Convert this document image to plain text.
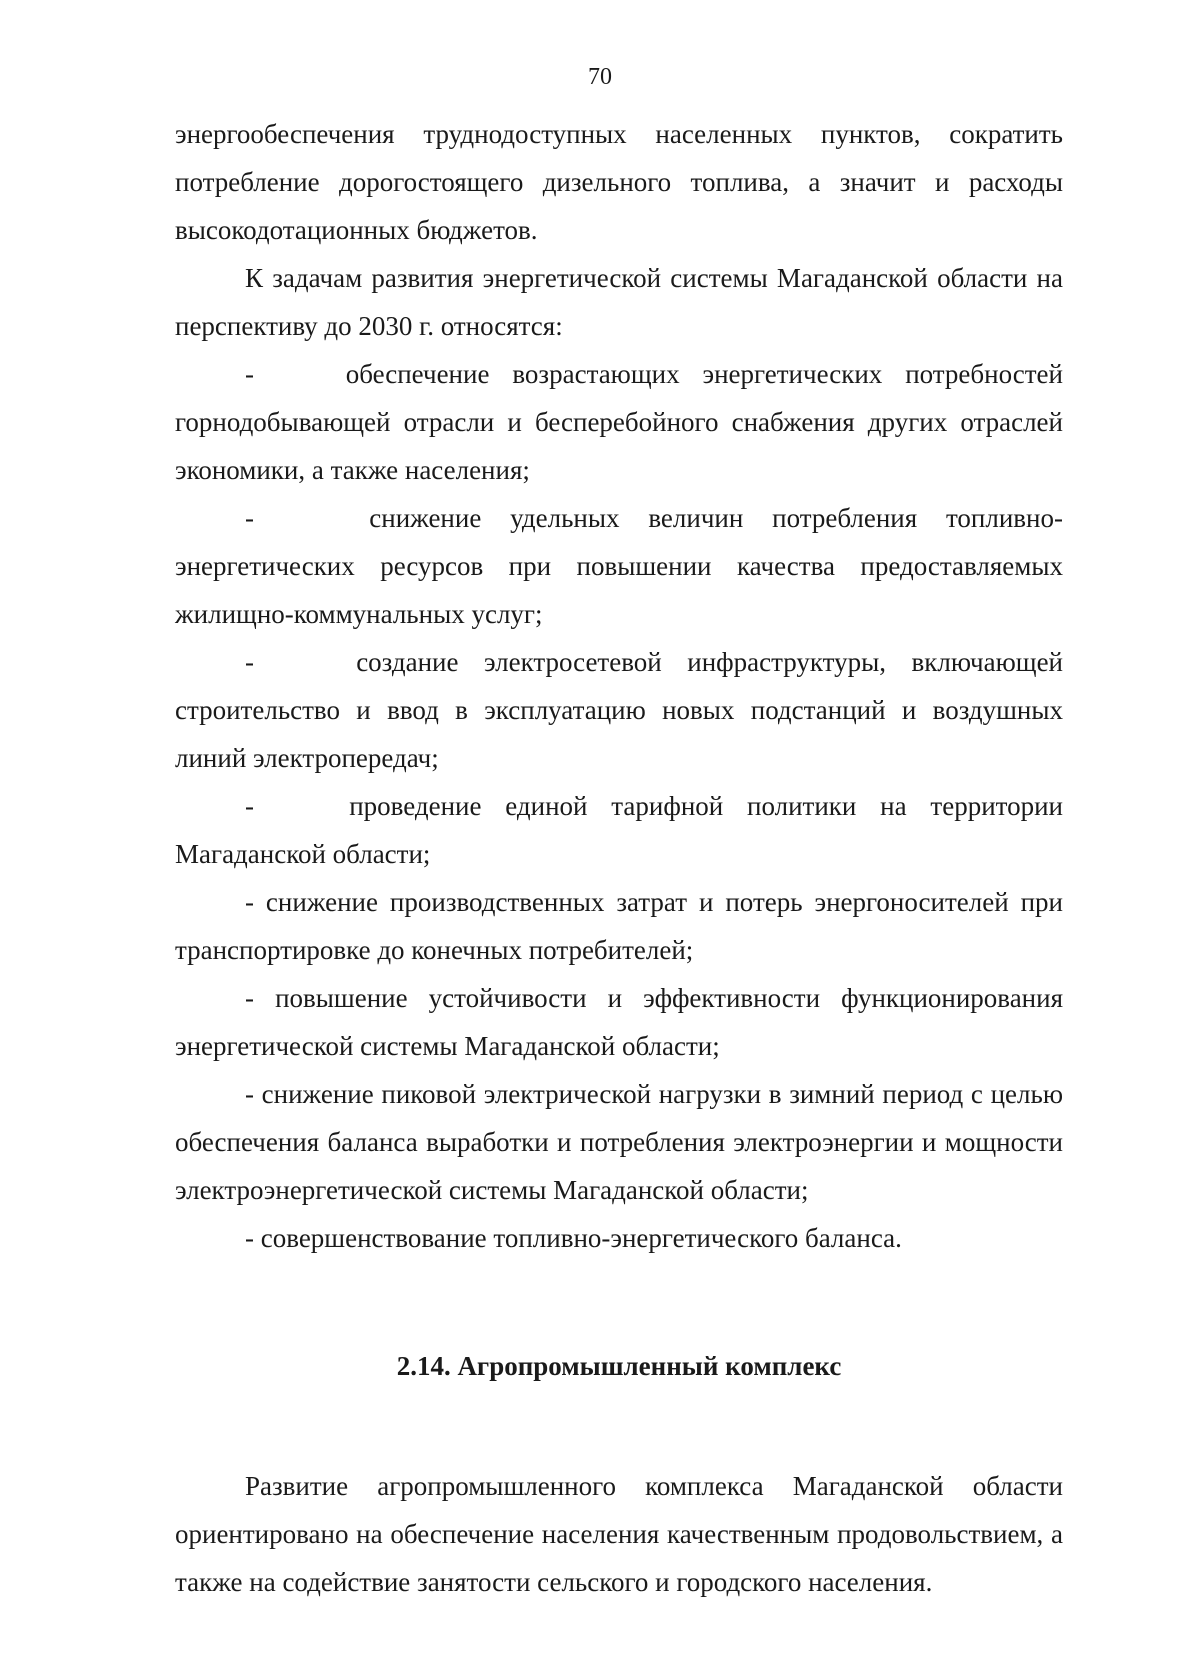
70

энергообеспечения труднодоступных населенных пунктов, сократить потребление дорогостоящего дизельного топлива, а значит и расходы высокодотационных бюджетов.

К задачам развития энергетической системы Магаданской области на перспективу до 2030 г. относятся:

-    обеспечение возрастающих энергетических потребностей горнодобывающей отрасли и бесперебойного снабжения других отраслей экономики, а также населения;

-    снижение удельных величин потребления топливно-энергетических ресурсов при повышении качества предоставляемых жилищно-коммунальных услуг;

-    создание электросетевой инфраструктуры, включающей строительство и ввод в эксплуатацию новых подстанций и воздушных линий электропередач;

-    проведение единой тарифной политики на территории Магаданской области;

- снижение производственных затрат и потерь энергоносителей при транспортировке до конечных потребителей;

- повышение устойчивости и эффективности функционирования энергетической системы Магаданской области;

- снижение пиковой электрической нагрузки в зимний период с целью обеспечения баланса выработки и потребления электроэнергии и мощности электроэнергетической системы Магаданской области;

- совершенствование топливно-энергетического баланса.

2.14. Агропромышленный комплекс

Развитие агропромышленного комплекса Магаданской области ориентировано на обеспечение населения качественным продовольствием, а также на содействие занятости сельского и городского населения.
